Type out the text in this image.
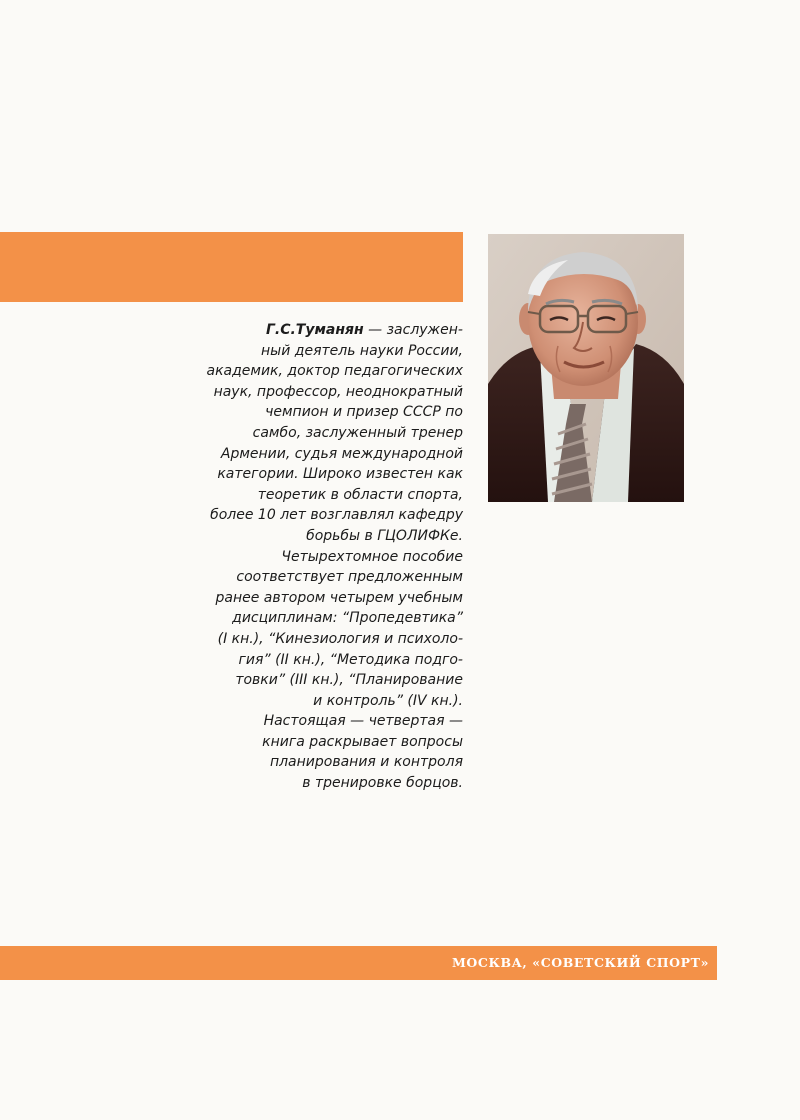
Г.С.Туманян — заслужен-
ный деятель науки России,
академик, доктор педагогических
наук, профессор, неоднократный
чемпион и призер СССР по
самбо, заслуженный тренер
Армении, судья международной
категории. Широко известен как
теоретик в области спорта,
более 10 лет возглавлял кафедру
борьбы в ГЦОЛИФКе.
Четырехтомное пособие
соответствует предложенным
ранее автором четырем учебным
дисциплинам: “Пропедевтика”
(I кн.), “Кинезиология и психоло-
гия” (II кн.), “Методика подго-
товки” (III кн.), “Планирование
и контроль” (IV кн.).
Настоящая — четвертая —
книга раскрывает вопросы
планирования и контроля
в тренировке борцов.
МОСКВА, «СОВЕТСКИЙ СПОРТ»
